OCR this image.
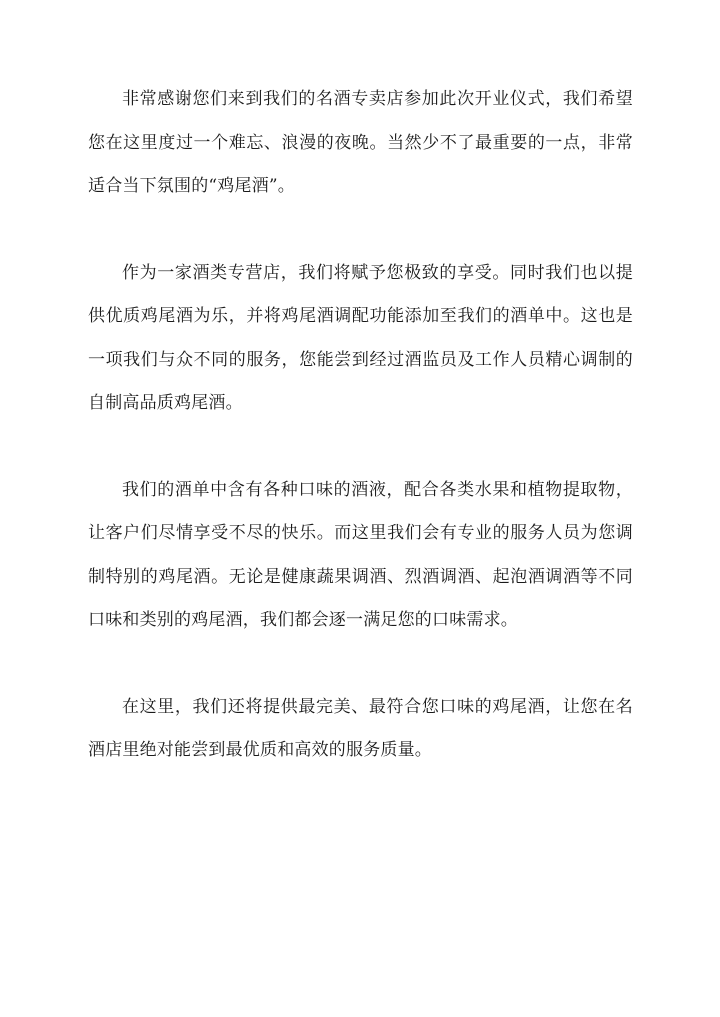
非常感谢您们来到我们的名酒专卖店参加此次开业仪式，我们希望您在这里度过一个难忘、浪漫的夜晚。当然少不了最重要的一点，非常适合当下氛围的“鸡尾酒”。

作为一家酒类专营店，我们将赋予您极致的享受。同时我们也以提供优质鸡尾酒为乐，并将鸡尾酒调配功能添加至我们的酒单中。这也是一项我们与众不同的服务，您能尝到经过酒监员及工作人员精心调制的自制高品质鸡尾酒。

我们的酒单中含有各种口味的酒液，配合各类水果和植物提取物，让客户们尽情享受不尽的快乐。而这里我们会有专业的服务人员为您调制特别的鸡尾酒。无论是健康蔬果调酒、烈酒调酒、起泡酒调酒等不同口味和类别的鸡尾酒，我们都会逐一满足您的口味需求。

在这里，我们还将提供最完美、最符合您口味的鸡尾酒，让您在名酒店里绝对能尝到最优质和高效的服务质量。
